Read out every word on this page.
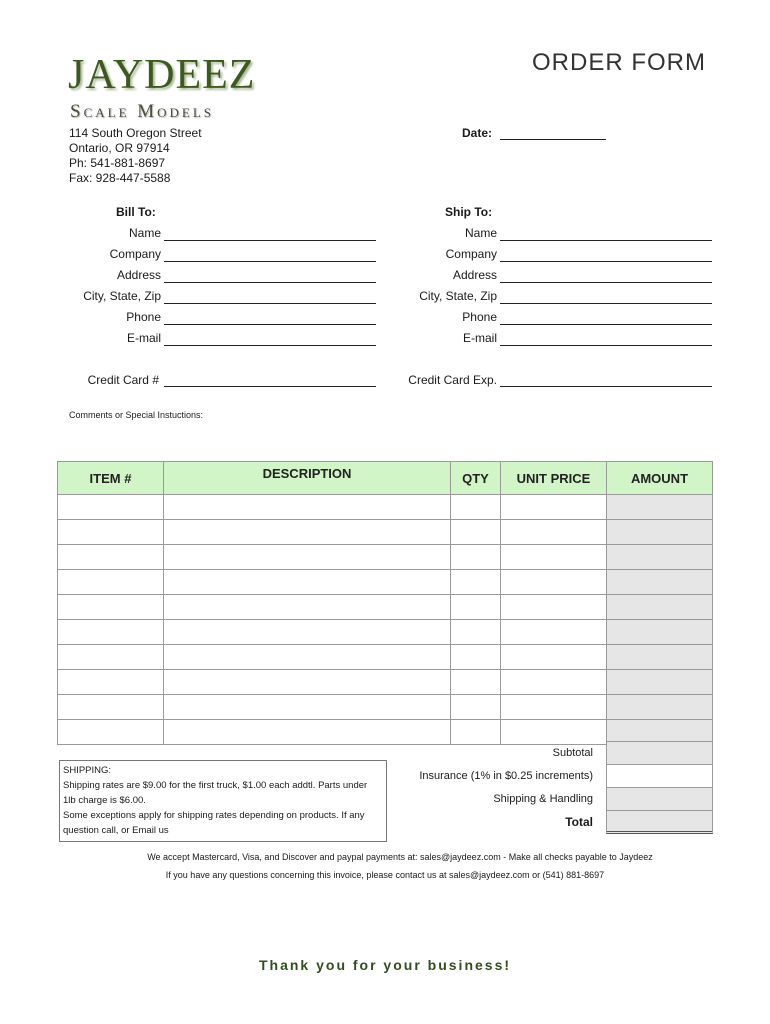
JAYDEEZ
Scale Models
ORDER FORM
114 South Oregon Street
Ontario, OR 97914
Ph: 541-881-8697
Fax: 928-447-5588
Date:
Bill To:
Name
Company
Address
City, State, Zip
Phone
E-mail
Credit Card #
Ship To:
Name
Company
Address
City, State, Zip
Phone
E-mail
Credit Card Exp.
Comments or Special Instuctions:
ITEM #	DESCRIPTION	QTY	UNIT PRICE	AMOUNT

Subtotal
Insurance (1% in $0.25 increments)
Shipping & Handling
Total
SHIPPING:
Shipping rates are $9.00 for the first truck, $1.00 each addtl. Parts under
1lb charge is $6.00.
Some exceptions apply for shipping rates depending on products. If any
question call, or Email us
We accept Mastercard, Visa, and Discover and paypal payments at: sales@jaydeez.com - Make all checks payable to Jaydeez
If you have any questions concerning this invoice, please contact us at sales@jaydeez.com or (541) 881-8697
Thank you for your business!
